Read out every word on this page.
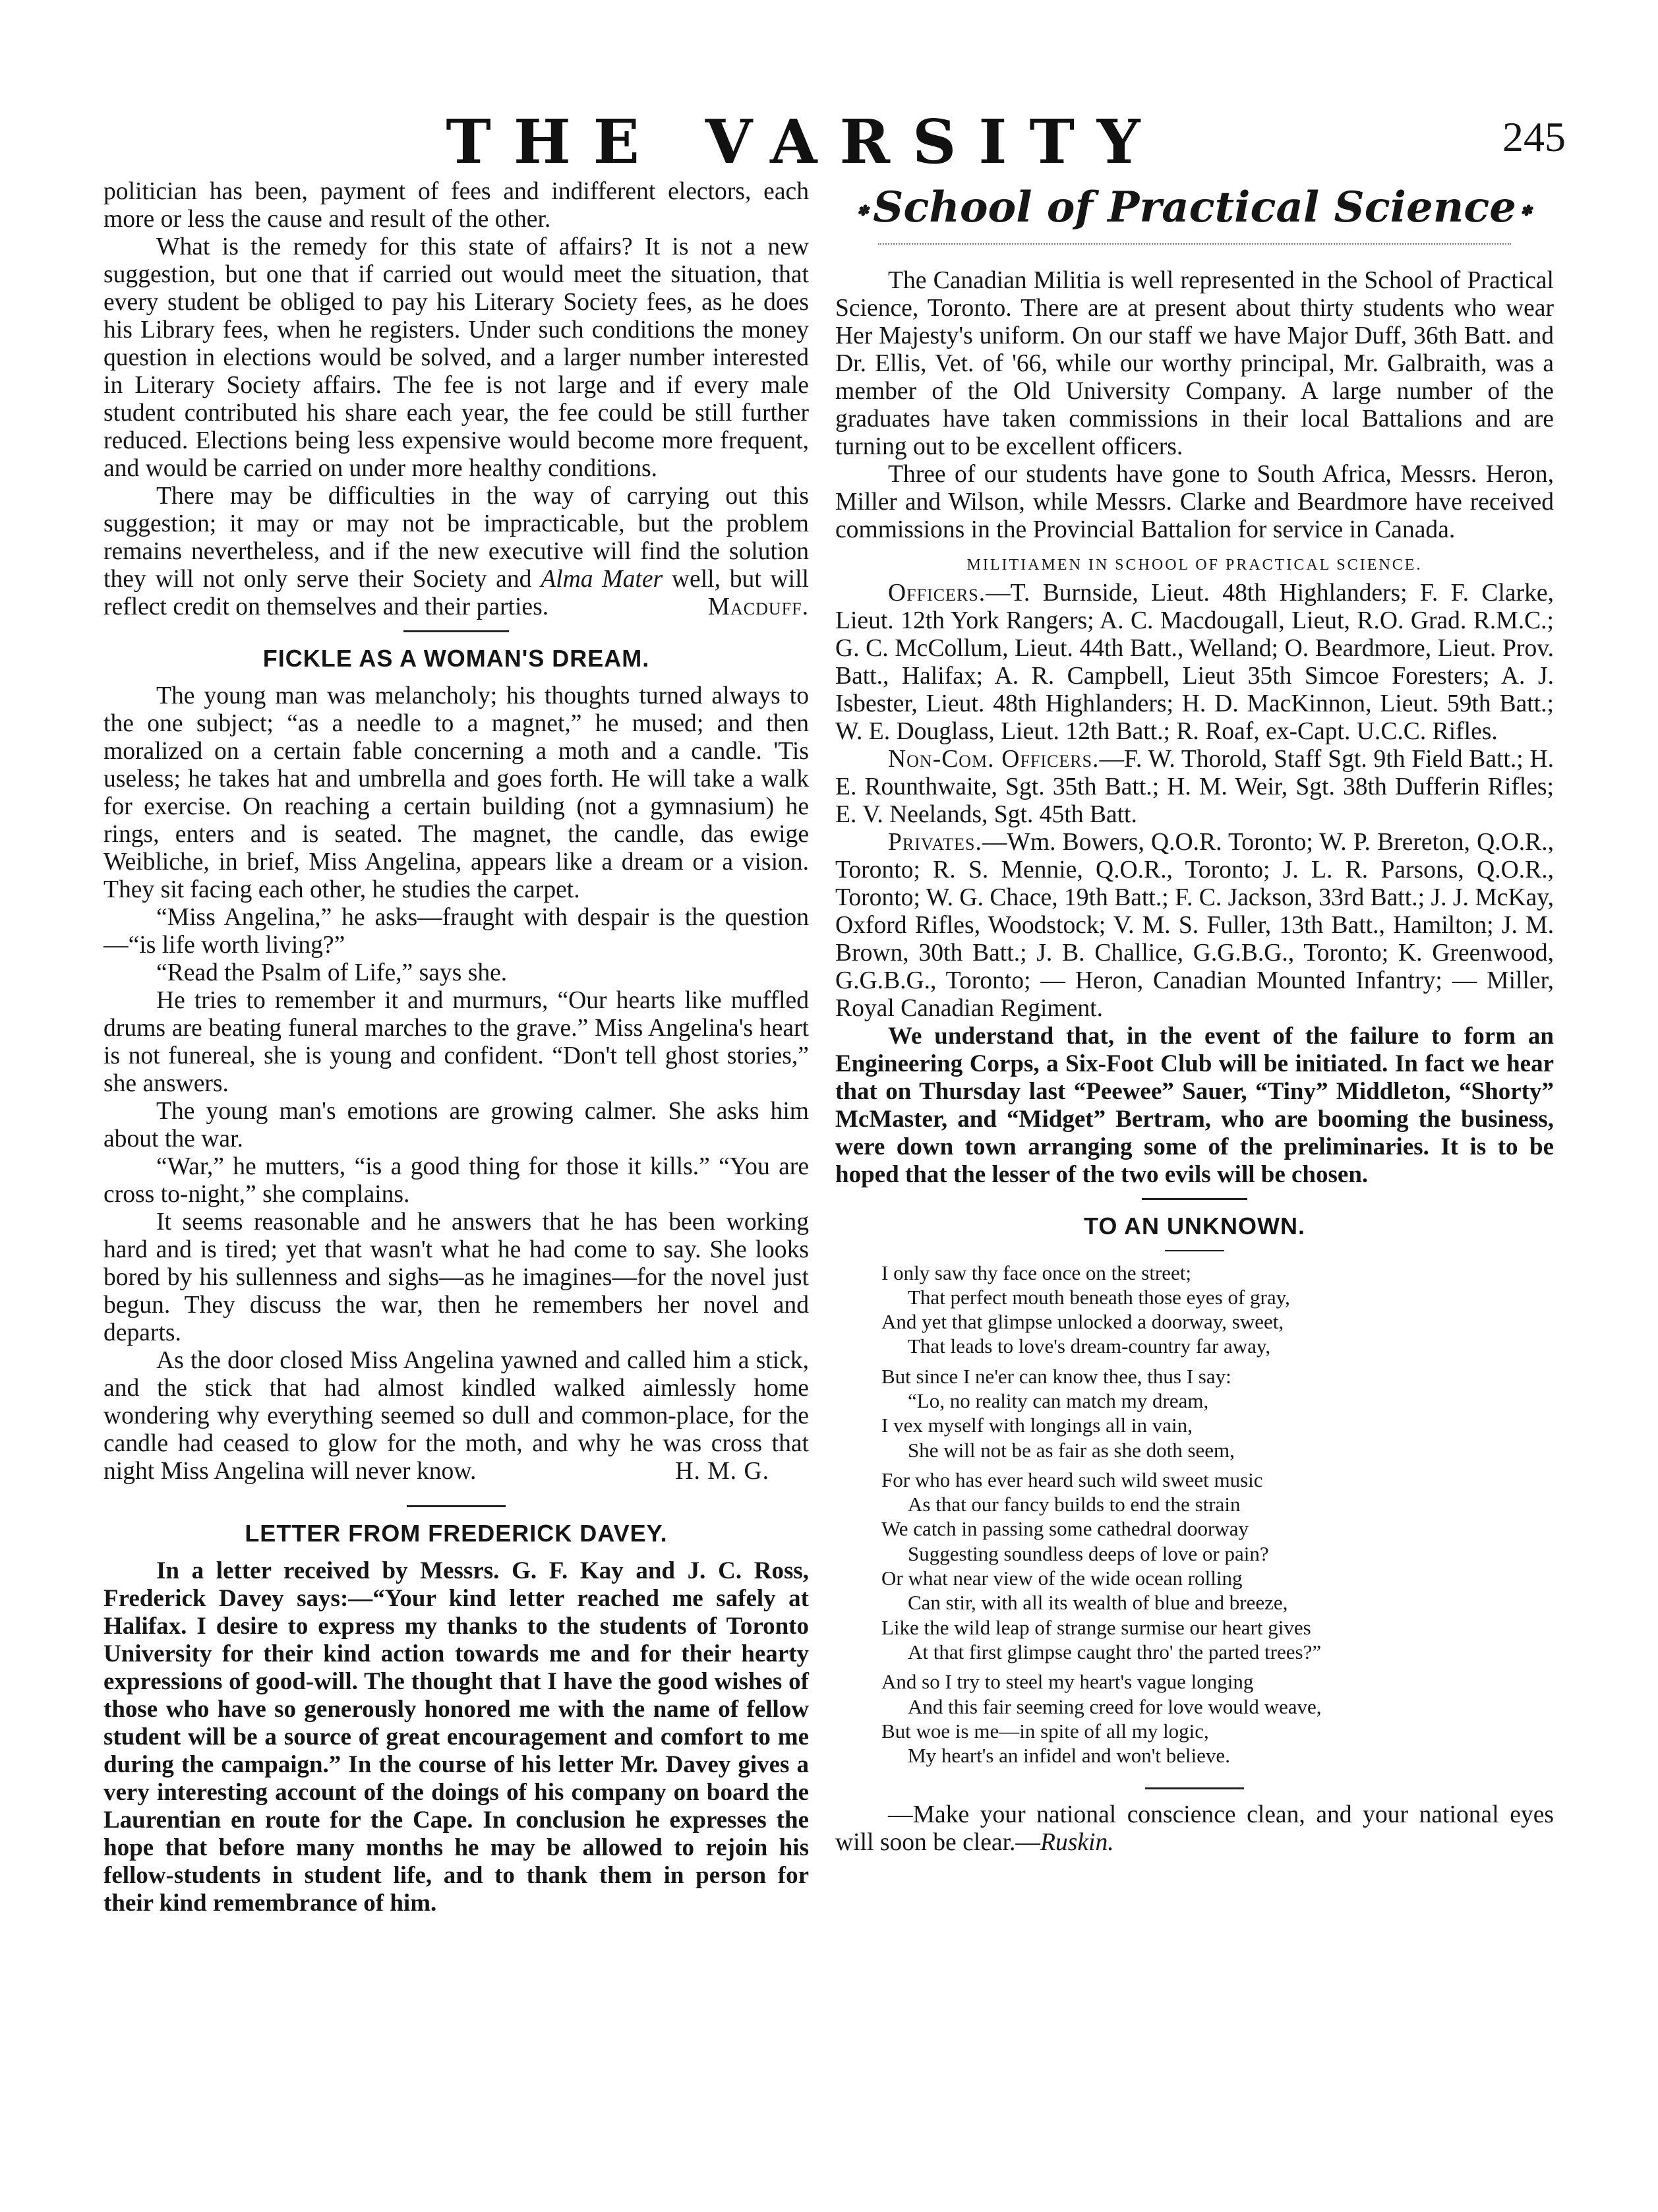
THE VARSITY	245

politician has been, payment of fees and indifferent electors, each more or less the cause and result of the other.

What is the remedy for this state of affairs? It is not a new suggestion, but one that if carried out would meet the situation, that every student be obliged to pay his Literary Society fees, as he does his Library fees, when he registers. Under such conditions the money question in elections would be solved, and a larger number interested in Literary Society affairs. The fee is not large and if every male student contributed his share each year, the fee could be still further reduced. Elections being less expensive would become more frequent, and would be carried on under more healthy conditions.

There may be difficulties in the way of carrying out this suggestion; it may or may not be impracticable, but the problem remains nevertheless, and if the new executive will find the solution they will not only serve their Society and Alma Mater well, but will reflect credit on themselves and their parties.	Macduff.

FICKLE AS A WOMAN'S DREAM.

The young man was melancholy; his thoughts turned always to the one subject; “as a needle to a magnet,” he mused; and then moralized on a certain fable concerning a moth and a candle. 'Tis useless; he takes hat and umbrella and goes forth. He will take a walk for exercise. On reaching a certain building (not a gymnasium) he rings, enters and is seated. The magnet, the candle, das ewige Weibliche, in brief, Miss Angelina, appears like a dream or a vision. They sit facing each other, he studies the carpet.

“Miss Angelina,” he asks—fraught with despair is the question—“is life worth living?”

“Read the Psalm of Life,” says she.

He tries to remember it and murmurs, “Our hearts like muffled drums are beating funeral marches to the grave.” Miss Angelina's heart is not funereal, she is young and confident. “Don't tell ghost stories,” she answers.

The young man's emotions are growing calmer. She asks him about the war.

“War,” he mutters, “is a good thing for those it kills.” “You are cross to-night,” she complains.

It seems reasonable and he answers that he has been working hard and is tired; yet that wasn't what he had come to say. She looks bored by his sullenness and sighs—as he imagines—for the novel just begun. They discuss the war, then he remembers her novel and departs.

As the door closed Miss Angelina yawned and called him a stick, and the stick that had almost kindled walked aimlessly home wondering why everything seemed so dull and common-place, for the candle had ceased to glow for the moth, and why he was cross that night Miss Angelina will never know.	H. M. G.

LETTER FROM FREDERICK DAVEY.

In a letter received by Messrs. G. F. Kay and J. C. Ross, Frederick Davey says:—“Your kind letter reached me safely at Halifax. I desire to express my thanks to the students of Toronto University for their kind action towards me and for their hearty expressions of good-will. The thought that I have the good wishes of those who have so generously honored me with the name of fellow student will be a source of great encouragement and comfort to me during the campaign.” In the course of his letter Mr. Davey gives a very interesting account of the doings of his company on board the Laurentian en route for the Cape. In conclusion he expresses the hope that before many months he may be allowed to rejoin his fellow-students in student life, and to thank them in person for their kind remembrance of him.

✽School of Practical Science ✽

The Canadian Militia is well represented in the School of Practical Science, Toronto. There are at present about thirty students who wear Her Majesty's uniform. On our staff we have Major Duff, 36th Batt. and Dr. Ellis, Vet. of '66, while our worthy principal, Mr. Galbraith, was a member of the Old University Company. A large number of the graduates have taken commissions in their local Battalions and are turning out to be excellent officers.

Three of our students have gone to South Africa, Messrs. Heron, Miller and Wilson, while Messrs. Clarke and Beardmore have received commissions in the Provincial Battalion for service in Canada.

MILITIAMEN IN SCHOOL OF PRACTICAL SCIENCE.

Officers.—T. Burnside, Lieut. 48th Highlanders; F. F. Clarke, Lieut. 12th York Rangers; A. C. Macdougall, Lieut, R.O. Grad. R.M.C.; G. C. McCollum, Lieut. 44th Batt., Welland; O. Beardmore, Lieut. Prov. Batt., Halifax; A. R. Campbell, Lieut 35th Simcoe Foresters; A. J. Isbester, Lieut. 48th Highlanders; H. D. MacKinnon, Lieut. 59th Batt.; W. E. Douglass, Lieut. 12th Batt.; R. Roaf, ex-Capt. U.C.C. Rifles.

Non-Com. Officers.—F. W. Thorold, Staff Sgt. 9th Field Batt.; H. E. Rounthwaite, Sgt. 35th Batt.; H. M. Weir, Sgt. 38th Dufferin Rifles; E. V. Neelands, Sgt. 45th Batt.

Privates.—Wm. Bowers, Q.O.R. Toronto; W. P. Brereton, Q.O.R., Toronto; R. S. Mennie, Q.O.R., Toronto; J. L. R. Parsons, Q.O.R., Toronto; W. G. Chace, 19th Batt.; F. C. Jackson, 33rd Batt.; J. J. McKay, Oxford Rifles, Woodstock; V. M. S. Fuller, 13th Batt., Hamilton; J. M. Brown, 30th Batt.; J. B. Challice, G.G.B.G., Toronto; K. Greenwood, G.G.B.G., Toronto; — Heron, Canadian Mounted Infantry; — Miller, Royal Canadian Regiment.

We understand that, in the event of the failure to form an Engineering Corps, a Six-Foot Club will be initiated. In fact we hear that on Thursday last “Peewee” Sauer, “Tiny” Middleton, “Shorty” McMaster, and “Midget” Bertram, who are booming the business, were down town arranging some of the preliminaries. It is to be hoped that the lesser of the two evils will be chosen.

TO AN UNKNOWN.
I only saw thy face once on the street;
That perfect mouth beneath those eyes of gray,
And yet that glimpse unlocked a doorway, sweet,
That leads to love's dream-country far away,
But since I ne'er can know thee, thus I say:
“Lo, no reality can match my dream,
I vex myself with longings all in vain,
She will not be as fair as she doth seem,
For who has ever heard such wild sweet music
As that our fancy builds to end the strain
We catch in passing some cathedral doorway
Suggesting soundless deeps of love or pain?
Or what near view of the wide ocean rolling
Can stir, with all its wealth of blue and breeze,
Like the wild leap of strange surmise our heart gives
At that first glimpse caught thro' the parted trees?”
And so I try to steel my heart's vague longing
And this fair seeming creed for love would weave,
But woe is me—in spite of all my logic,
My heart's an infidel and won't believe.

—Make your national conscience clean, and your national eyes will soon be clear.—Ruskin.
